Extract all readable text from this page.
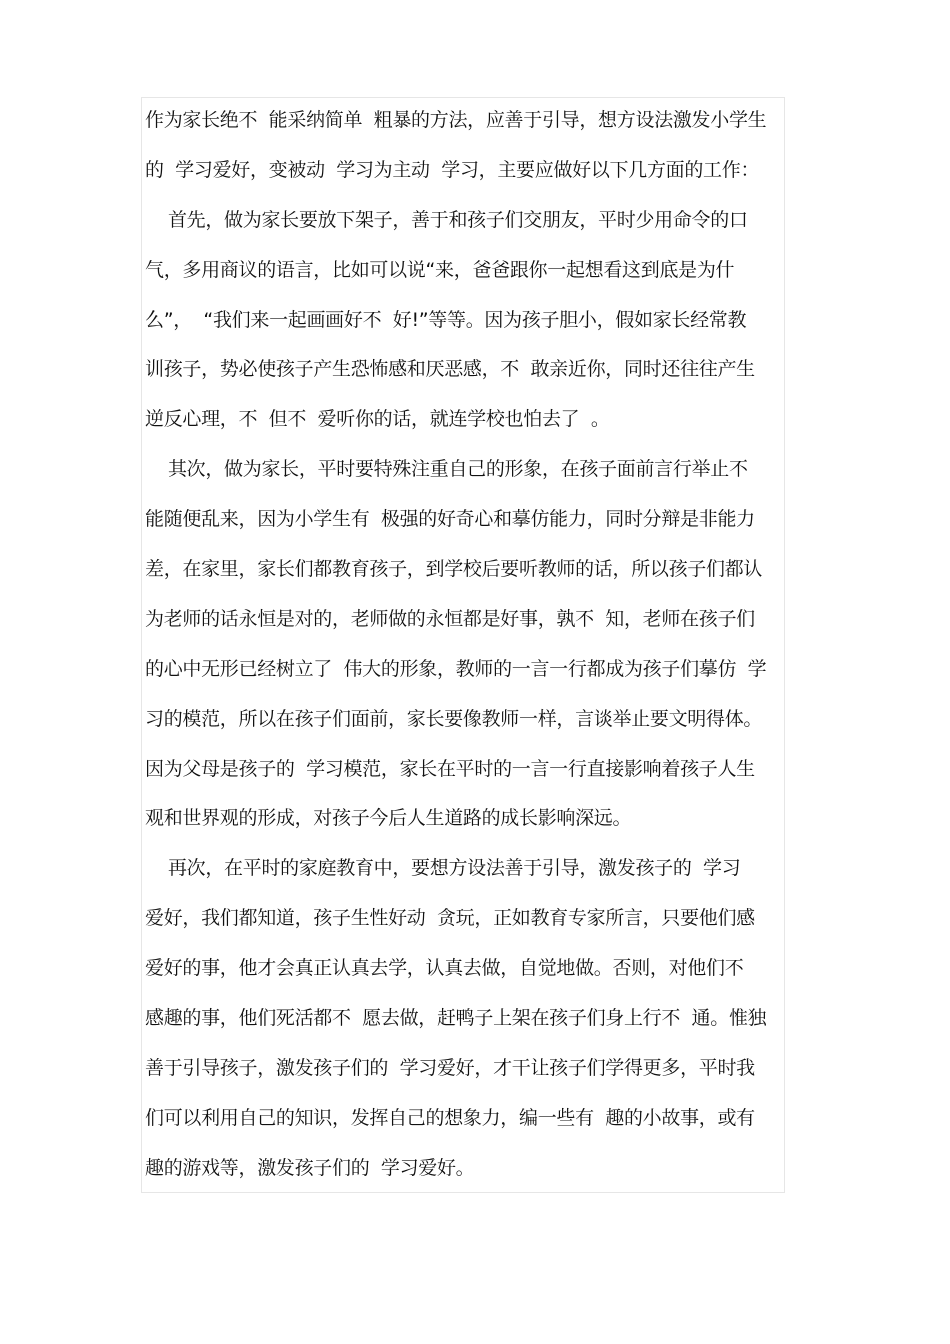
作为家长绝不  能采纳简单  粗暴的方法，应善于引导，想方设法激发小学生
的  学习爱好，变被动  学习为主动  学习，主要应做好以下几方面的工作：
首先，做为家长要放下架子，善于和孩子们交朋友，平时少用命令的口
气，多用商议的语言，比如可以说“来，爸爸跟你一起想看这到底是为什
么”，  “我们来一起画画好不  好!”等等。因为孩子胆小，假如家长经常教
训孩子，势必使孩子产生恐怖感和厌恶感，不  敢亲近你，同时还往往产生
逆反心理，不  但不  爱听你的话，就连学校也怕去了  。
其次，做为家长，平时要特殊注重自己的形象，在孩子面前言行举止不
能随便乱来，因为小学生有  极强的好奇心和摹仿能力，同时分辩是非能力
差，在家里，家长们都教育孩子，到学校后要听教师的话，所以孩子们都认
为老师的话永恒是对的，老师做的永恒都是好事，孰不  知，老师在孩子们
的心中无形已经树立了  伟大的形象，教师的一言一行都成为孩子们摹仿  学
习的模范，所以在孩子们面前，家长要像教师一样，言谈举止要文明得体。
因为父母是孩子的  学习模范，家长在平时的一言一行直接影响着孩子人生
观和世界观的形成，对孩子今后人生道路的成长影响深远。
再次，在平时的家庭教育中，要想方设法善于引导，激发孩子的  学习
爱好，我们都知道，孩子生性好动  贪玩，正如教育专家所言，只要他们感
爱好的事，他才会真正认真去学，认真去做，自觉地做。否则，对他们不
感趣的事，他们死活都不  愿去做，赶鸭子上架在孩子们身上行不  通。惟独
善于引导孩子，激发孩子们的  学习爱好，才干让孩子们学得更多，平时我
们可以利用自己的知识，发挥自己的想象力，编一些有  趣的小故事，或有
趣的游戏等，激发孩子们的  学习爱好。
